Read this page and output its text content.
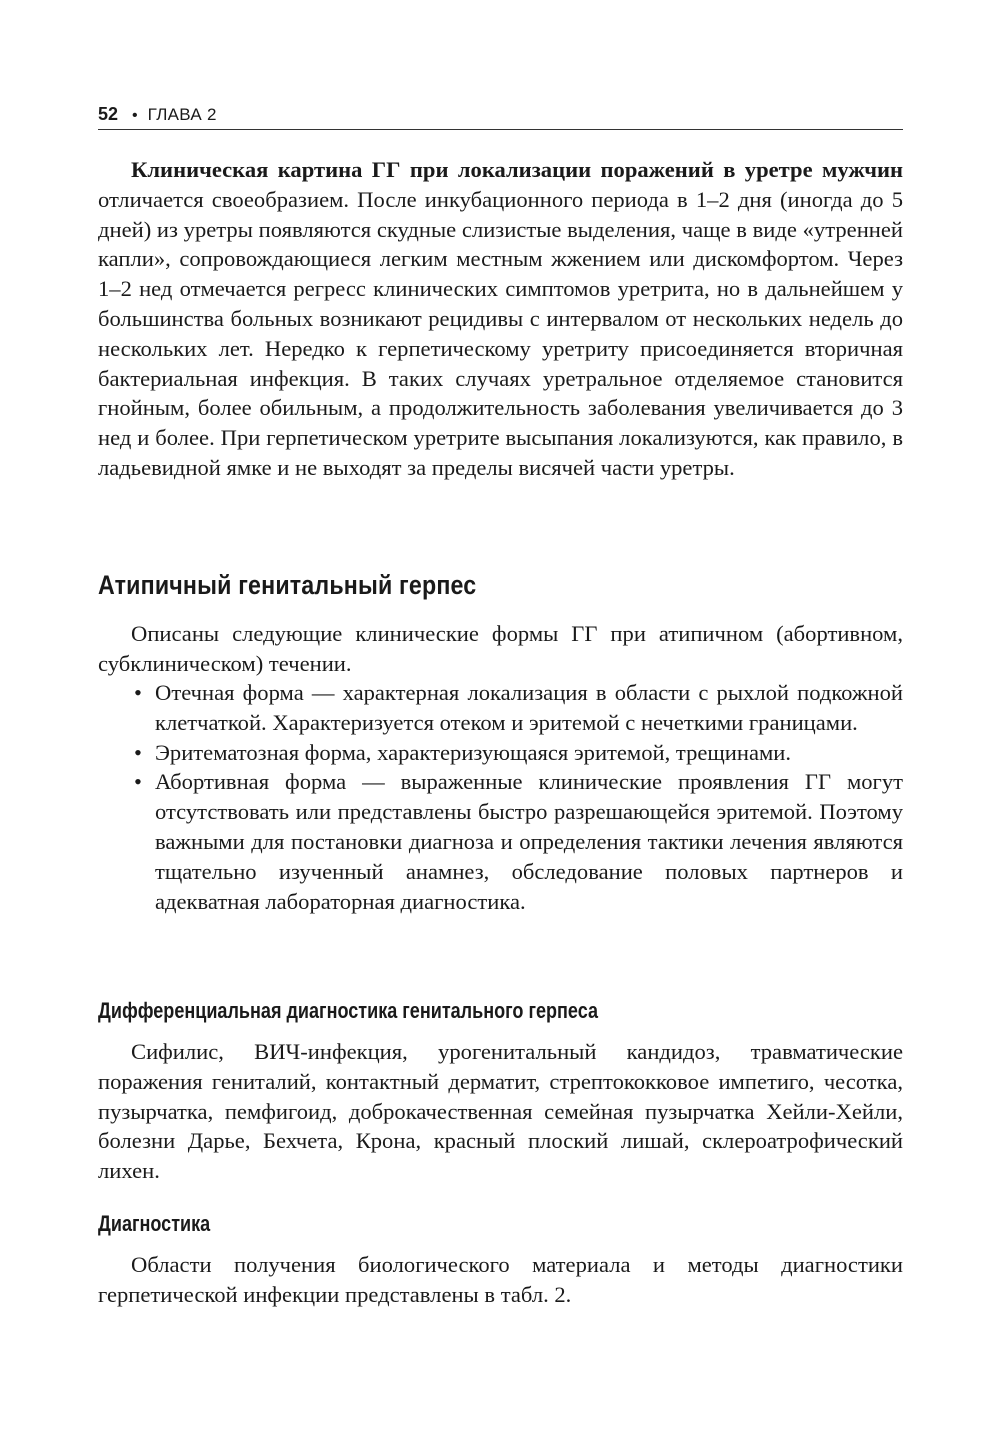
52 • ГЛАВА 2

Клиническая картина ГГ при локализации поражений в уретре мужчин отличается своеобразием. После инкубационного периода в 1–2 дня (иногда до 5 дней) из уретры появляются скудные слизистые выделения, чаще в виде «утренней капли», сопровождающиеся легким местным жжением или дискомфортом. Через 1–2 нед отмечается регресс клинических симптомов уретрита, но в дальнейшем у большинства больных возникают рецидивы с интервалом от нескольких недель до нескольких лет. Нередко к герпетическому уретриту присоединяется вторичная бактериальная инфекция. В таких случаях уретральное отделяемое становится гнойным, более обильным, а продолжительность заболевания увеличивается до 3 нед и более. При герпетическом уретрите высыпания локализуются, как правило, в ладьевидной ямке и не выходят за пределы висячей части уретры.

Атипичный генитальный герпес

Описаны следующие клинические формы ГГ при атипичном (абортивном, субклиническом) течении.

• Отечная форма — характерная локализация в области с рыхлой подкожной клетчаткой. Характеризуется отеком и эритемой с нечеткими границами.
• Эритематозная форма, характеризующаяся эритемой, трещинами.
• Абортивная форма — выраженные клинические проявления ГГ могут отсутствовать или представлены быстро разрешающейся эритемой. Поэтому важными для постановки диагноза и определения тактики лечения являются тщательно изученный анамнез, обследование половых партнеров и адекватная лабораторная диагностика.
Дифференциальная диагностика генитального герпеса

Сифилис, ВИЧ-инфекция, урогенитальный кандидоз, травматические поражения гениталий, контактный дерматит, стрептококковое импетиго, чесотка, пузырчатка, пемфигоид, доброкачественная семейная пузырчатка Хейли-Хейли, болезни Дарье, Бехчета, Крона, красный плоский лишай, склероатрофический лихен.

Диагностика

Области получения биологического материала и методы диагностики герпетической инфекции представлены в табл. 2.
